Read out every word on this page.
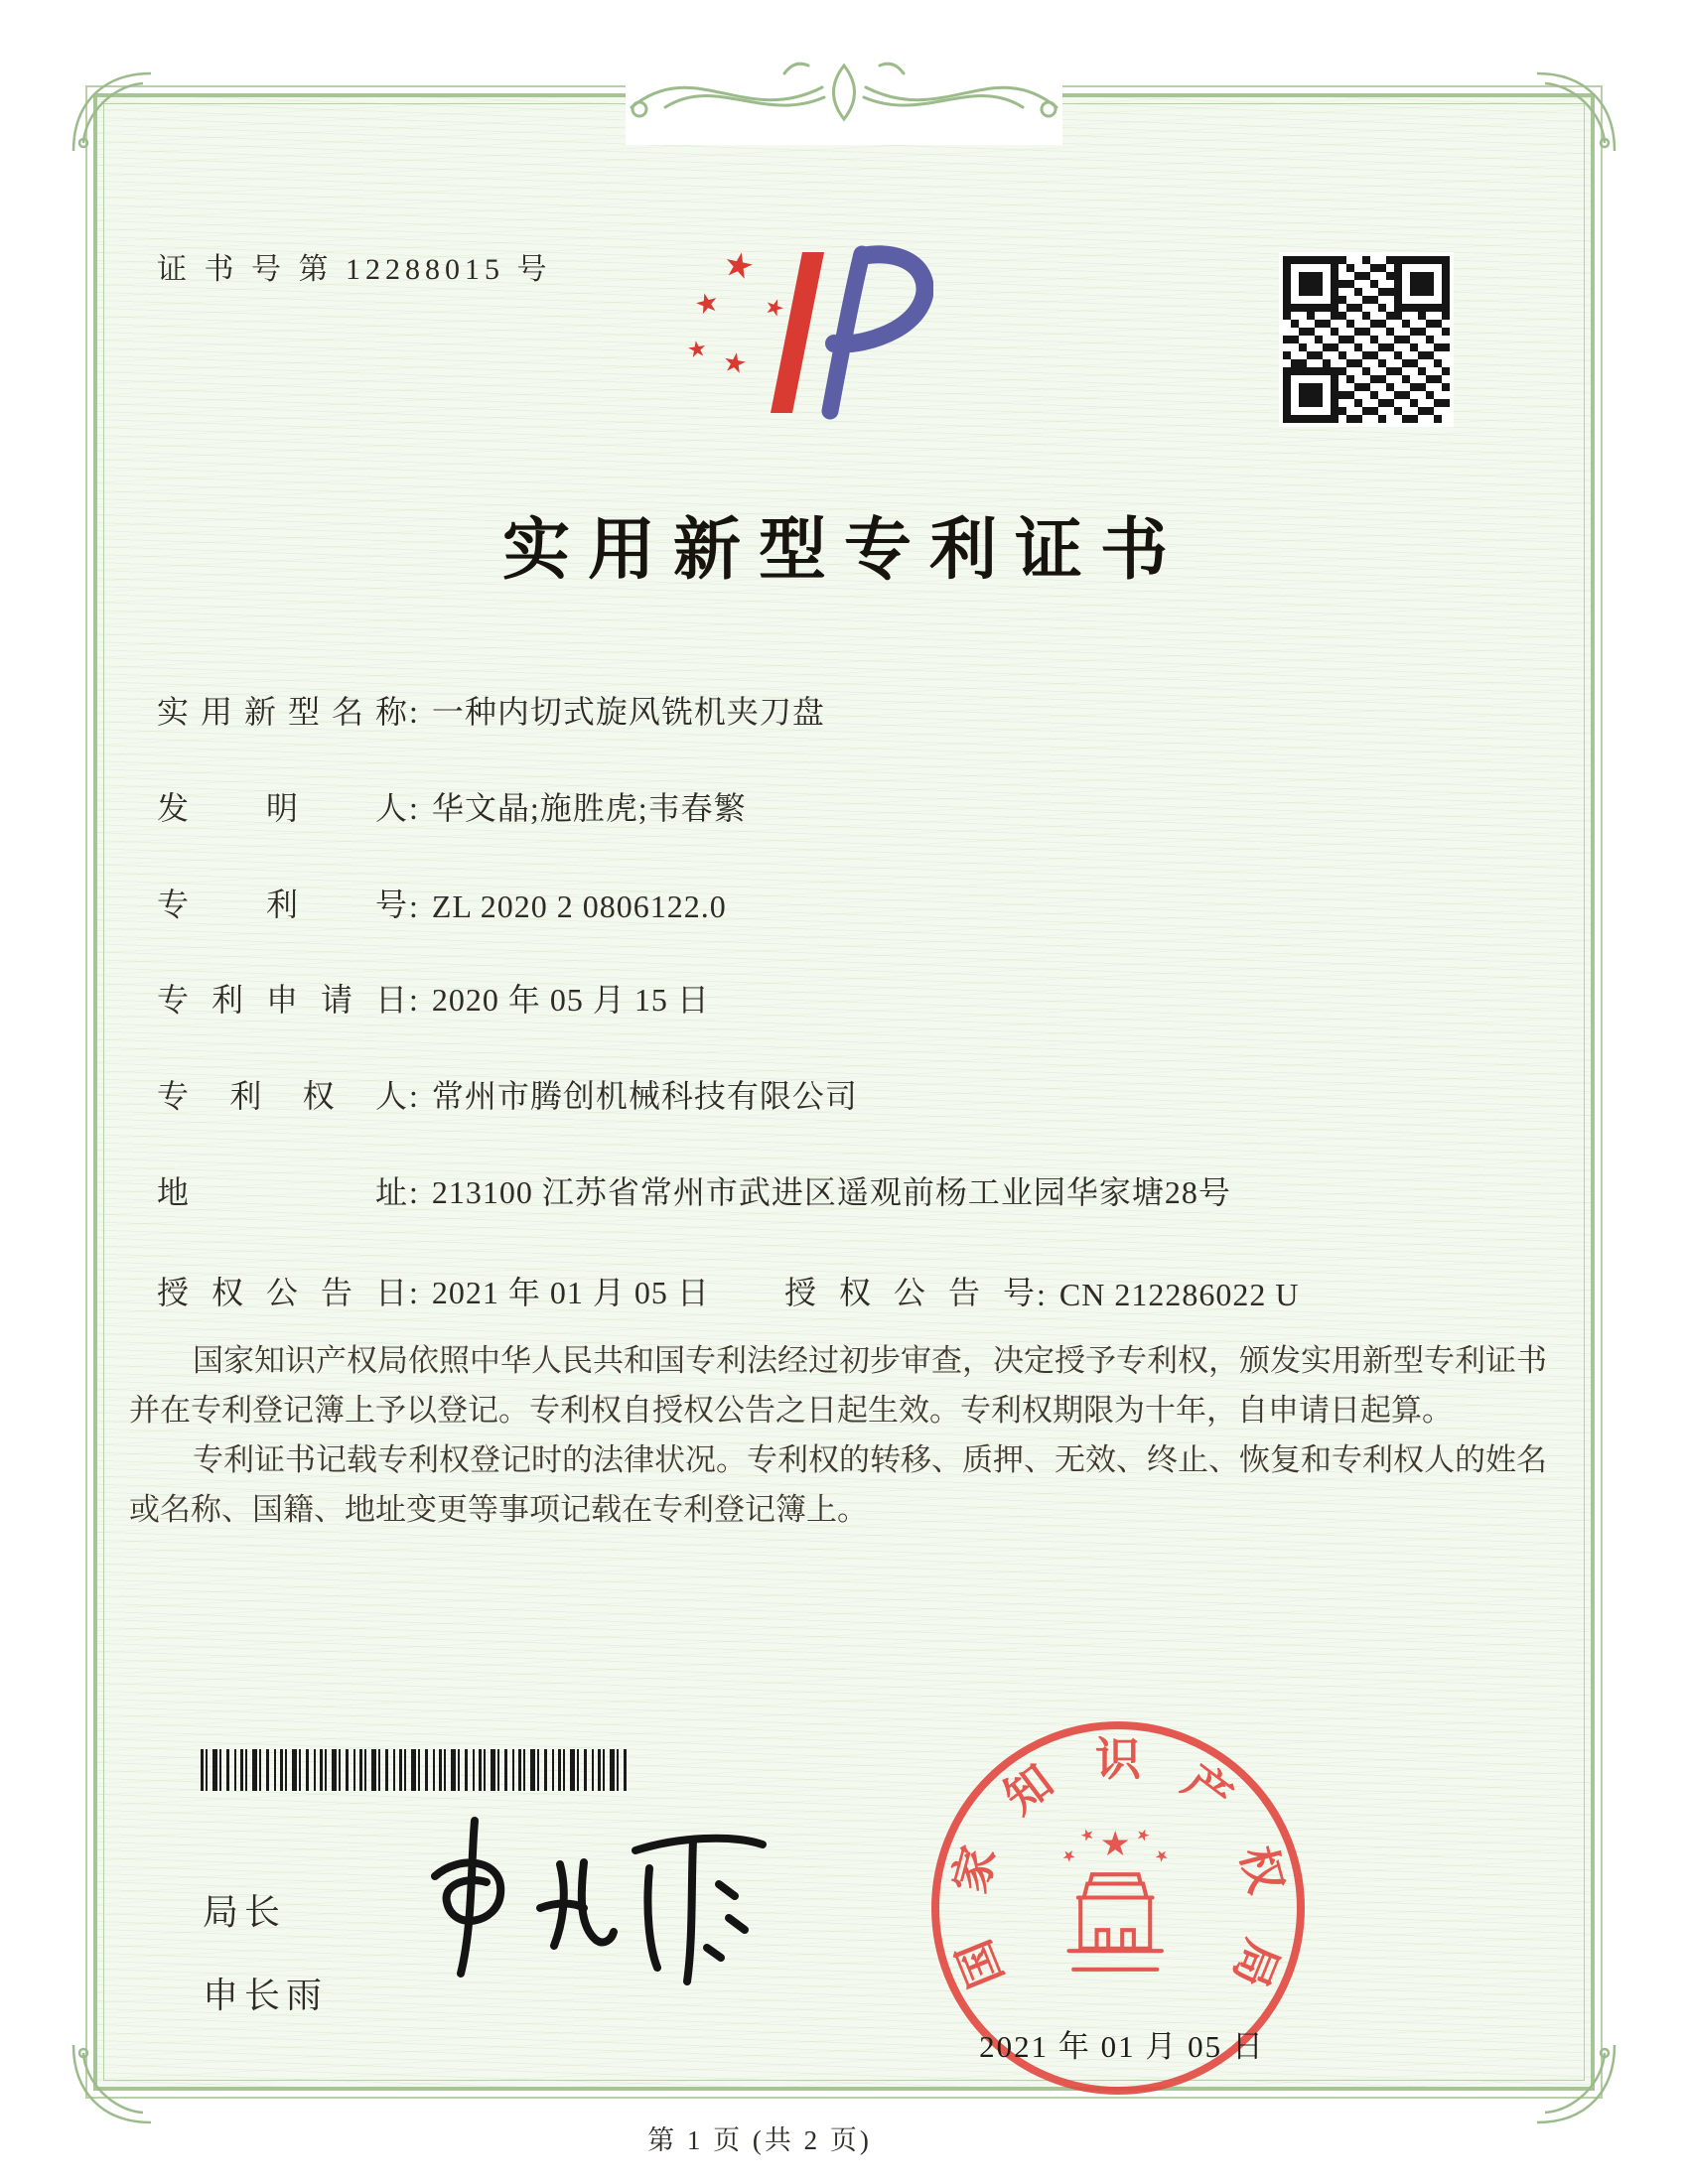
证 书 号 第 12288015 号
实用新型专利证书
实用新型名称: 一种内切式旋风铣机夹刀盘
发明人: 华文晶;施胜虎;韦春繁
专利号: ZL 2020 2 0806122.0
专利申请日: 2020 年 05 月 15 日
专利权人: 常州市腾创机械科技有限公司
地址: 213100 江苏省常州市武进区遥观前杨工业园华家塘28号
授权公告日: 2021 年 01 月 05 日 授权公告号: CN 212286022 U

国家知识产权局依照中华人民共和国专利法经过初步审查，决定授予专利权，颁发实用新型专利证书并在专利登记簿上予以登记。专利权自授权公告之日起生效。专利权期限为十年，自申请日起算。

专利证书记载专利权登记时的法律状况。专利权的转移、质押、无效、终止、恢复和专利权人的姓名或名称、国籍、地址变更等事项记载在专利登记簿上。

局长
申长雨
国
家
知 识 产
权
局
2021 年 01 月 05 日
第 1 页 (共 2 页)
